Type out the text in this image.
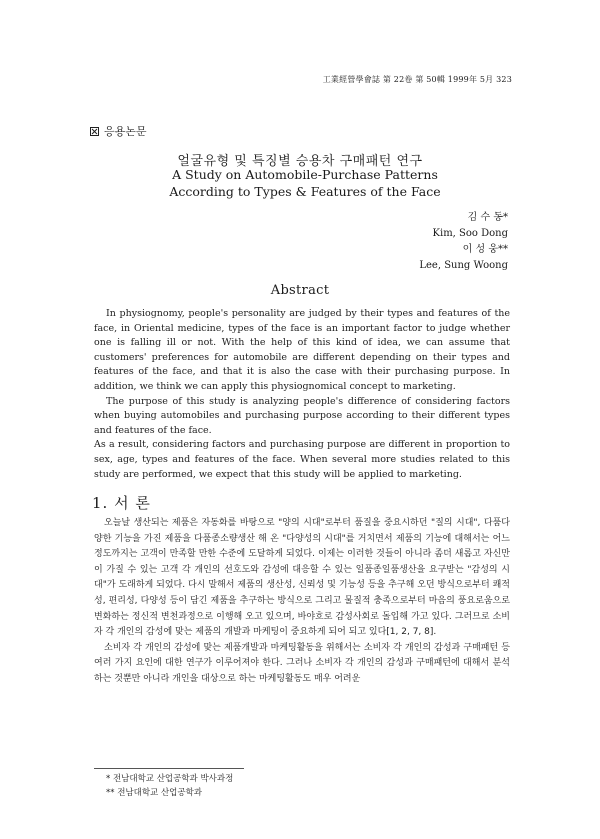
工業經營學會誌 第 22卷 第 50輯 1999年 5月 323
응용논문
얼굴유형 및 특징별 승용차 구매패턴 연구
A Study on Automobile-Purchase Patterns According to Types & Features of the Face
김 수 동*
Kim, Soo Dong
이 성 웅**
Lee, Sung Woong
Abstract

In physiognomy, people's personality are judged by their types and features of the face, in Oriental medicine, types of the face is an important factor to judge whether one is falling ill or not. With the help of this kind of idea, we can assume that customers' preferences for automobile are different depending on their types and features of the face, and that it is also the case with their purchasing purpose. In addition, we think we can apply this physiognomical concept to marketing.

The purpose of this study is analyzing people's difference of considering factors when buying automobiles and purchasing purpose according to their different types and features of the face.

As a result, considering factors and purchasing purpose are different in proportion to sex, age, types and features of the face. When several more studies related to this study are performed, we expect that this study will be applied to marketing.

1. 서 론

오늘날 생산되는 제품은 자동화를 바탕으로 "양의 시대"로부터 품질을 중요시하던 "질의 시대", 다품다양한 기능을 가진 제품을 다품종소량생산 해 온 "다양성의 시대"를 거치면서 제품의 기능에 대해서는 어느 정도까지는 고객이 만족할 만한 수준에 도달하게 되었다. 이제는 이러한 것들이 아니라 좀더 새롭고 자신만이 가질 수 있는 고객 각 개인의 선호도와 감성에 대응할 수 있는 일품종일품생산을 요구받는 "감성의 시대"가 도래하게 되었다. 다시 말해서 제품의 생산성, 신뢰성 및 기능성 등을 추구해 오던 방식으로부터 쾌적성, 편리성, 다양성 등이 담긴 제품을 추구하는 방식으로 그리고 물질적 충족으로부터 마음의 풍요로움으로 변화하는 정신적 변천과정으로 이행해 오고 있으며, 바야흐로 감성사회로 돌입해 가고 있다. 그러므로 소비자 각 개인의 감성에 맞는 제품의 개발과 마케팅이 중요하게 되어 되고 있다[1, 2, 7, 8].

소비자 각 개인의 감성에 맞는 제품개발과 마케팅활동을 위해서는 소비자 각 개인의 감성과 구매패턴 등 여러 가지 요인에 대한 연구가 이루어져야 한다. 그러나 소비자 각 개인의 감성과 구매패턴에 대해서 분석하는 것뿐만 아니라 개인을 대상으로 하는 마케팅활동도 매우 어려운

* 전남대학교 산업공학과 박사과정
** 전남대학교 산업공학과
